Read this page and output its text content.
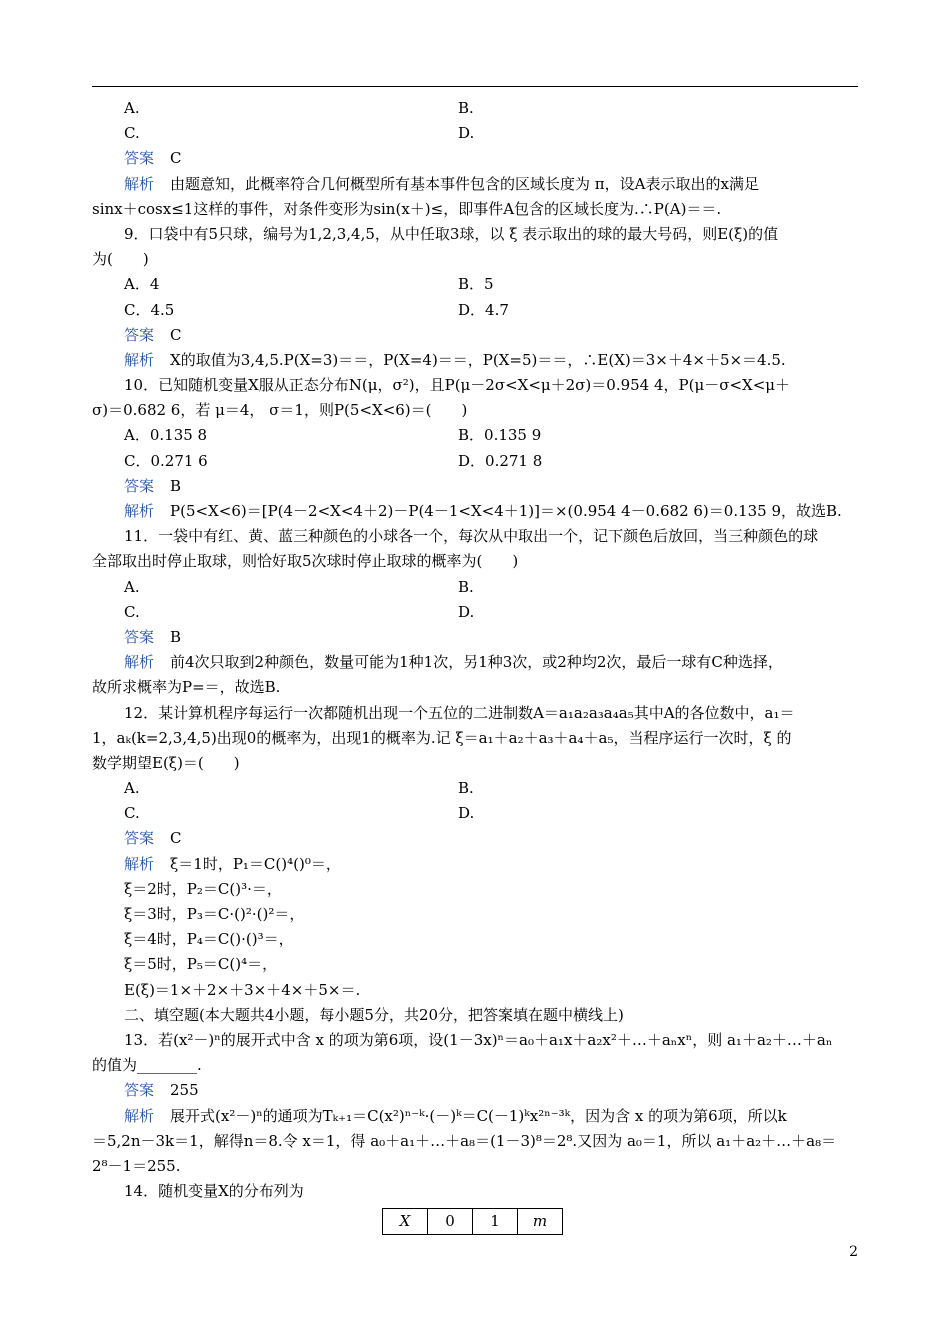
A.	B.
C.	D.
答案 C
解析 由题意知，此概率符合几何概型所有基本事件包含的区域长度为 π，设A表示取出的x满足
sinx＋cosx≤1这样的事件，对条件变形为sin(x＋)≤，即事件A包含的区域长度为.∴P(A)＝＝.
9．口袋中有5只球，编号为1,2,3,4,5，从中任取3球，以 ξ 表示取出的球的最大号码，则E(ξ)的值
为(　　)
A．4	B．5
C．4.5	D．4.7
答案 C
解析 X的取值为3,4,5.P(X=3)＝＝，P(X=4)＝＝，P(X=5)＝＝，∴E(X)＝3×＋4×＋5×＝4.5.
10．已知随机变量X服从正态分布N(μ，σ²)，且P(μ－2σ<X<μ＋2σ)＝0.954 4，P(μ－σ<X<μ＋
σ)＝0.682 6，若 μ＝4， σ＝1，则P(5<X<6)＝(　　)
A．0.135 8	B．0.135 9
C．0.271 6	D．0.271 8
答案 B
解析 P(5<X<6)＝[P(4－2<X<4＋2)－P(4－1<X<4＋1)]＝×(0.954 4－0.682 6)＝0.135 9，故选B.
11．一袋中有红、黄、蓝三种颜色的小球各一个，每次从中取出一个，记下颜色后放回，当三种颜色的球
全部取出时停止取球，则恰好取5次球时停止取球的概率为(　　)
A.	B.
C.	D.
答案 B
解析 前4次只取到2种颜色，数量可能为1种1次，另1种3次，或2种均2次，最后一球有C种选择，
故所求概率为P=＝，故选B.
12．某计算机程序每运行一次都随机出现一个五位的二进制数A＝a₁a₂a₃a₄a₅其中A的各位数中，a₁＝
1，aₖ(k=2,3,4,5)出现0的概率为，出现1的概率为.记 ξ＝a₁＋a₂＋a₃＋a₄＋a₅，当程序运行一次时，ξ 的
数学期望E(ξ)＝(　　)
A.	B.
C.	D.
答案 C
解析 ξ＝1时，P₁＝C()⁴()⁰＝，
ξ＝2时，P₂＝C()³·＝，
ξ＝3时，P₃＝C·()²·()²＝，
ξ＝4时，P₄＝C()·()³＝，
ξ＝5时，P₅＝C()⁴＝，
E(ξ)＝1×＋2×＋3×＋4×＋5×＝.
二、填空题(本大题共4小题，每小题5分，共20分，把答案填在题中横线上)
13．若(x²－)ⁿ的展开式中含 x 的项为第6项，设(1－3x)ⁿ＝a₀＋a₁x＋a₂x²＋…＋aₙxⁿ，则 a₁＋a₂＋…＋aₙ
的值为________.
答案 255
解析 展开式(x²－)ⁿ的通项为Tₖ₊₁＝C(x²)ⁿ⁻ᵏ·(－)ᵏ＝C(－1)ᵏx²ⁿ⁻³ᵏ，因为含 x 的项为第6项，所以k
＝5,2n－3k＝1，解得n＝8.令 x＝1，得 a₀＋a₁＋…＋a₈＝(1－3)⁸＝2⁸.又因为 a₀＝1，所以 a₁＋a₂＋…＋a₈＝
2⁸－1＝255.
14．随机变量X的分布列为
X	0	1	m
2
